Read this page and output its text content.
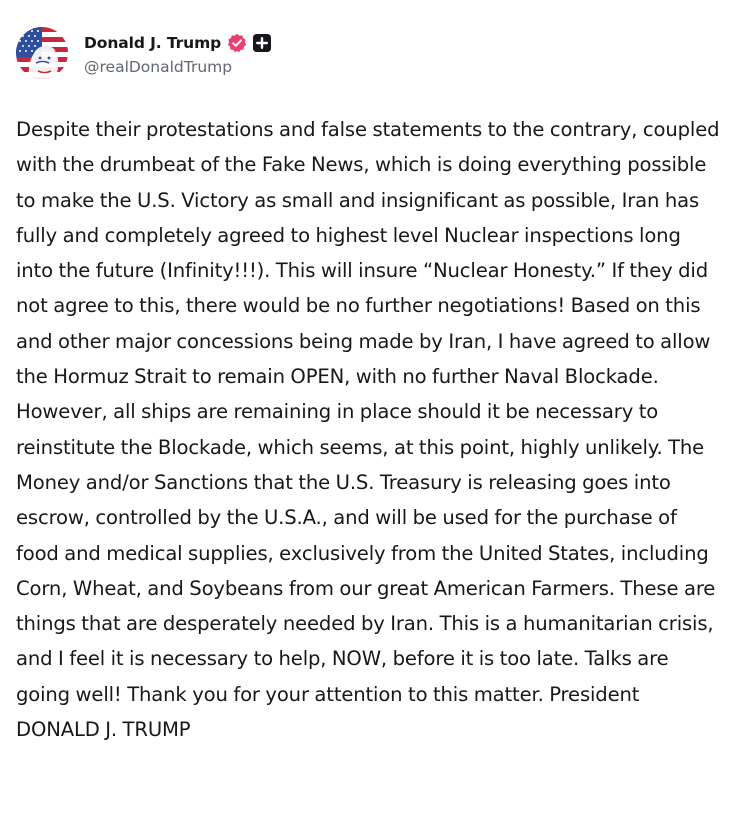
Donald J. Trump
@realDonaldTrump
Despite their protestations and false statements to the contrary, coupled with the drumbeat of the Fake News, which is doing everything possible to make the U.S. Victory as small and insignificant as possible, Iran has fully and completely agreed to highest level Nuclear inspections long into the future (Infinity!!!). This will insure “Nuclear Honesty.” If they did not agree to this, there would be no further negotiations! Based on this and other major concessions being made by Iran, I have agreed to allow the Hormuz Strait to remain OPEN, with no further Naval Blockade. However, all ships are remaining in place should it be necessary to reinstitute the Blockade, which seems, at this point, highly unlikely. The Money and/or Sanctions that the U.S. Treasury is releasing goes into escrow, controlled by the U.S.A., and will be used for the purchase of food and medical supplies, exclusively from the United States, including Corn, Wheat, and Soybeans from our great American Farmers. These are things that are desperately needed by Iran. This is a humanitarian crisis, and I feel it is necessary to help, NOW, before it is too late. Talks are going well! Thank you for your attention to this matter. President DONALD J. TRUMP
